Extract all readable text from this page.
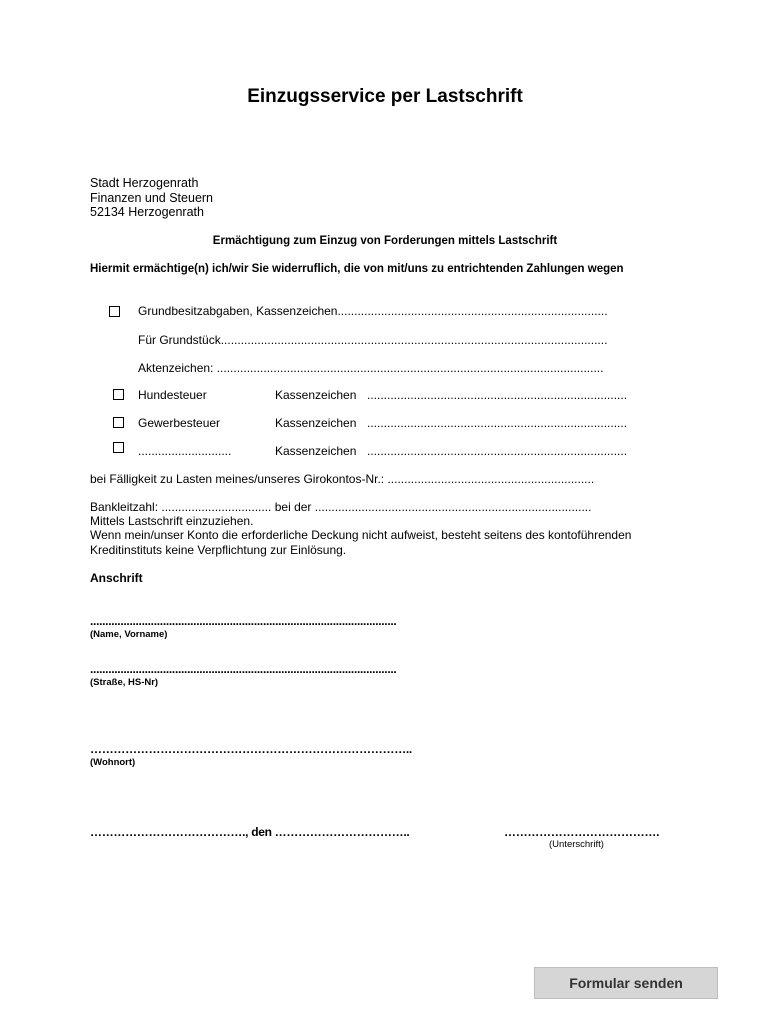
Einzugsservice per Lastschrift
Stadt Herzogenrath
Finanzen und Steuern
52134 Herzogenrath
Ermächtigung zum Einzug von Forderungen mittels Lastschrift
Hiermit ermächtige(n) ich/wir Sie widerruflich, die von mit/uns zu entrichtenden Zahlungen wegen
Grundbesitzabgaben, Kassenzeichen.................................................................................
Für Grundstück....................................................................................................................
Aktenzeichen: ....................................................................................................................
Hundesteuer	Kassenzeichen ..............................................................................
Gewerbesteuer	Kassenzeichen ..............................................................................
............................	Kassenzeichen ..............................................................................
bei Fälligkeit zu Lasten meines/unseres Girokontos-Nr.: ..............................................................
Bankleitzahl: ................................. bei der ...................................................................................
Mittels Lastschrift einzuziehen.
Wenn mein/unser Konto die erforderliche Deckung nicht aufweist, besteht seitens des kontoführenden
Kreditinstituts keine Verpflichtung zur Einlösung.
Anschrift
.....................................................................................................
(Name, Vorname)
.....................................................................................................
(Straße, HS-Nr)
………………………………………………………………………..
(Wohnort)
…………………………………., den ……………………………..	………………………………….
(Unterschrift)
Formular senden
